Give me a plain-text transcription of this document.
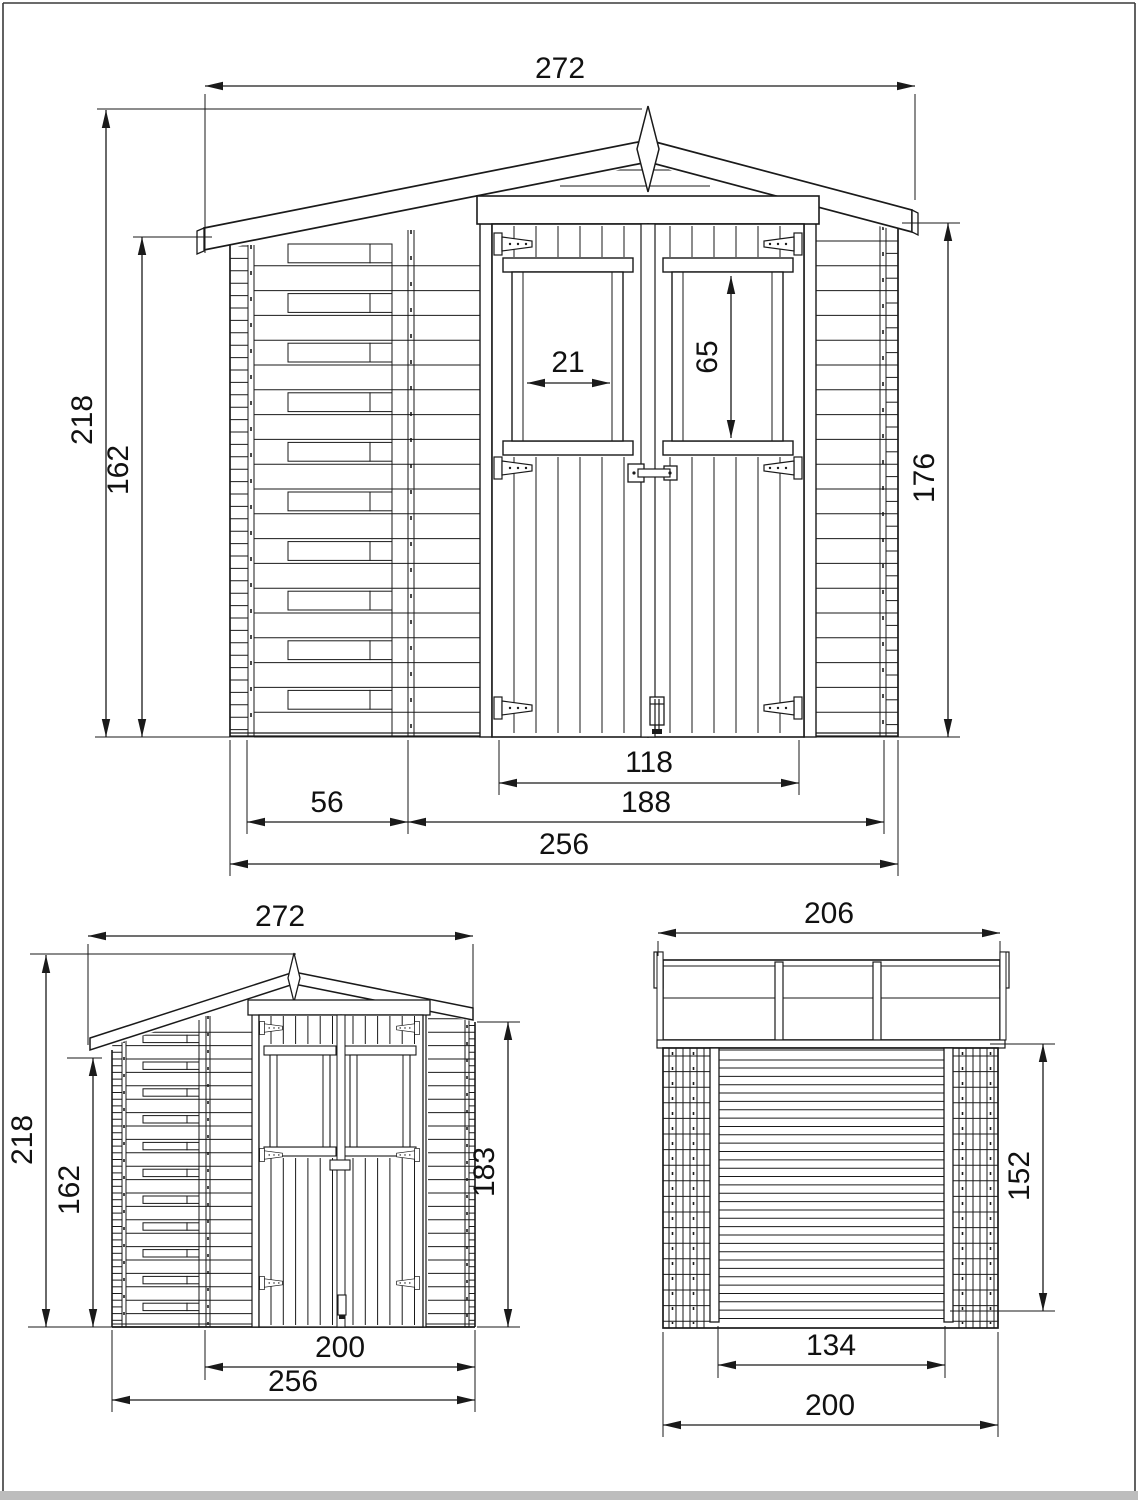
272
218
162
21	65
176
118
56	188
256
272
218
162	183
200
256
206
152
134
200
